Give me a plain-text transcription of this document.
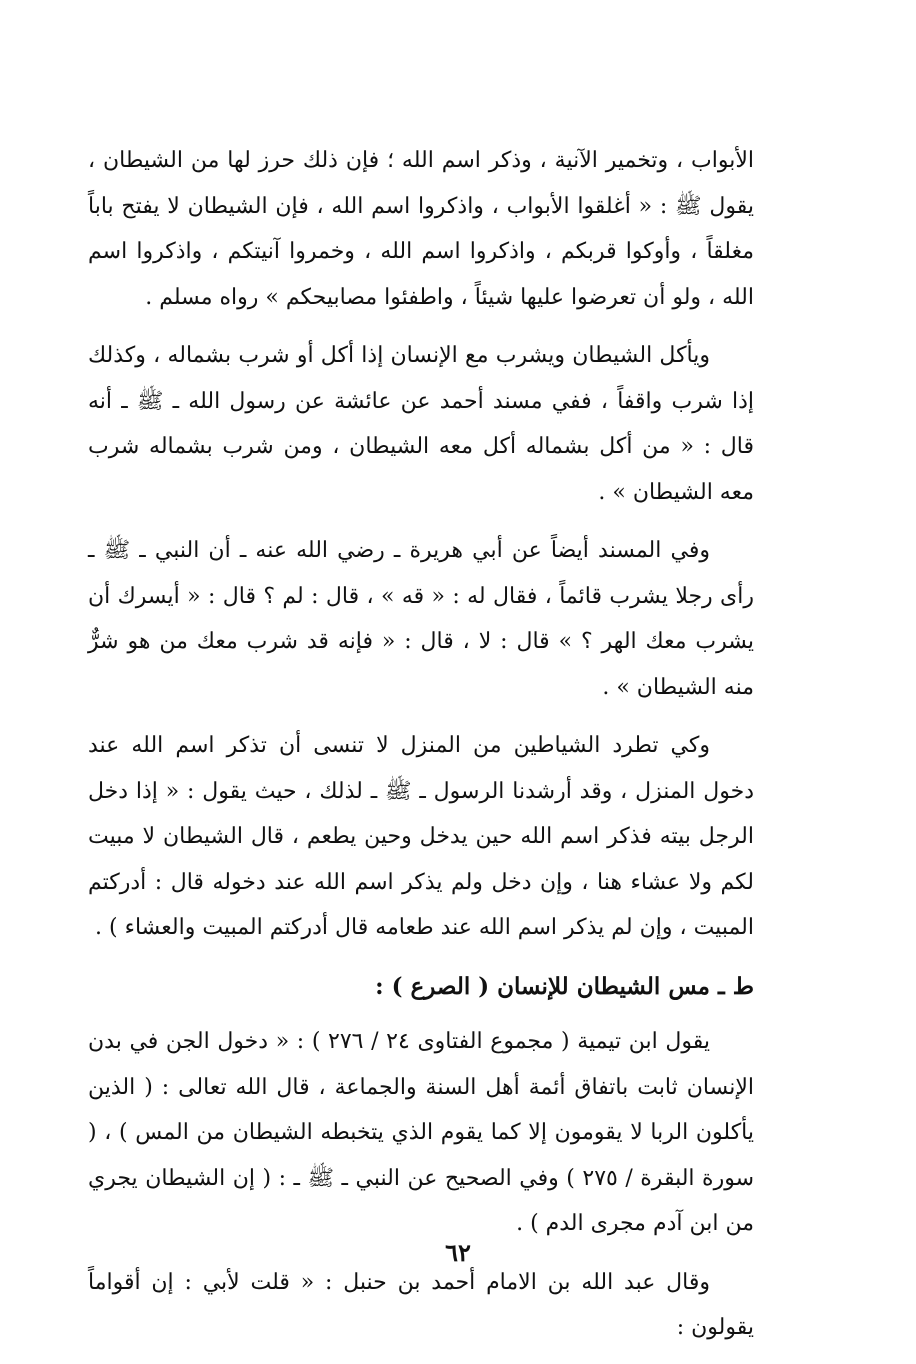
الأبواب ، وتخمير الآنية ، وذكر اسم الله ؛ فإن ذلك حرز لها من الشيطان ، يقول ﷺ : « أغلقوا الأبواب ، واذكروا اسم الله ، فإن الشيطان لا يفتح باباً مغلقاً ، وأوكوا قربكم ، واذكروا اسم الله ، وخمروا آنيتكم ، واذكروا اسم الله ، ولو أن تعرضوا عليها شيئاً ، واطفئوا مصابيحكم » رواه مسلم .

ويأكل الشيطان ويشرب مع الإنسان إذا أكل أو شرب بشماله ، وكذلك إذا شرب واقفاً ، ففي مسند أحمد عن عائشة عن رسول الله ـ ﷺ ـ أنه قال : « من أكل بشماله أكل معه الشيطان ، ومن شرب بشماله شرب معه الشيطان » .

وفي المسند أيضاً عن أبي هريرة ـ رضي الله عنه ـ أن النبي ـ ﷺ ـ رأى رجلا يشرب قائماً ، فقال له : « قه » ، قال : لم ؟ قال : « أيسرك أن يشرب معك الهر ؟ » قال : لا ، قال : « فإنه قد شرب معك من هو شرٌّ منه الشيطان » .

وكي تطرد الشياطين من المنزل لا تنسى أن تذكر اسم الله عند دخول المنزل ، وقد أرشدنا الرسول ـ ﷺ ـ لذلك ، حيث يقول : « إذا دخل الرجل بيته فذكر اسم الله حين يدخل وحين يطعم ، قال الشيطان لا مبيت لكم ولا عشاء هنا ، وإن دخل ولم يذكر اسم الله عند دخوله قال : أدركتم المبيت ، وإن لم يذكر اسم الله عند طعامه قال أدركتم المبيت والعشاء ) .

ط ـ مس الشيطان للإنسان ( الصرع ) :

يقول ابن تيمية ( مجموع الفتاوى ٢٤ / ٢٧٦ ) : « دخول الجن في بدن الإنسان ثابت باتفاق أئمة أهل السنة والجماعة ، قال الله تعالى : ( الذين يأكلون الربا لا يقومون إلا كما يقوم الذي يتخبطه الشيطان من المس ) ، ( سورة البقرة / ٢٧٥ ) وفي الصحيح عن النبي ـ ﷺ ـ : ( إن الشيطان يجري من ابن آدم مجرى الدم ) .

وقال عبد الله بن الامام أحمد بن حنبل : « قلت لأبي : إن أقواماً يقولون :

٦٢
